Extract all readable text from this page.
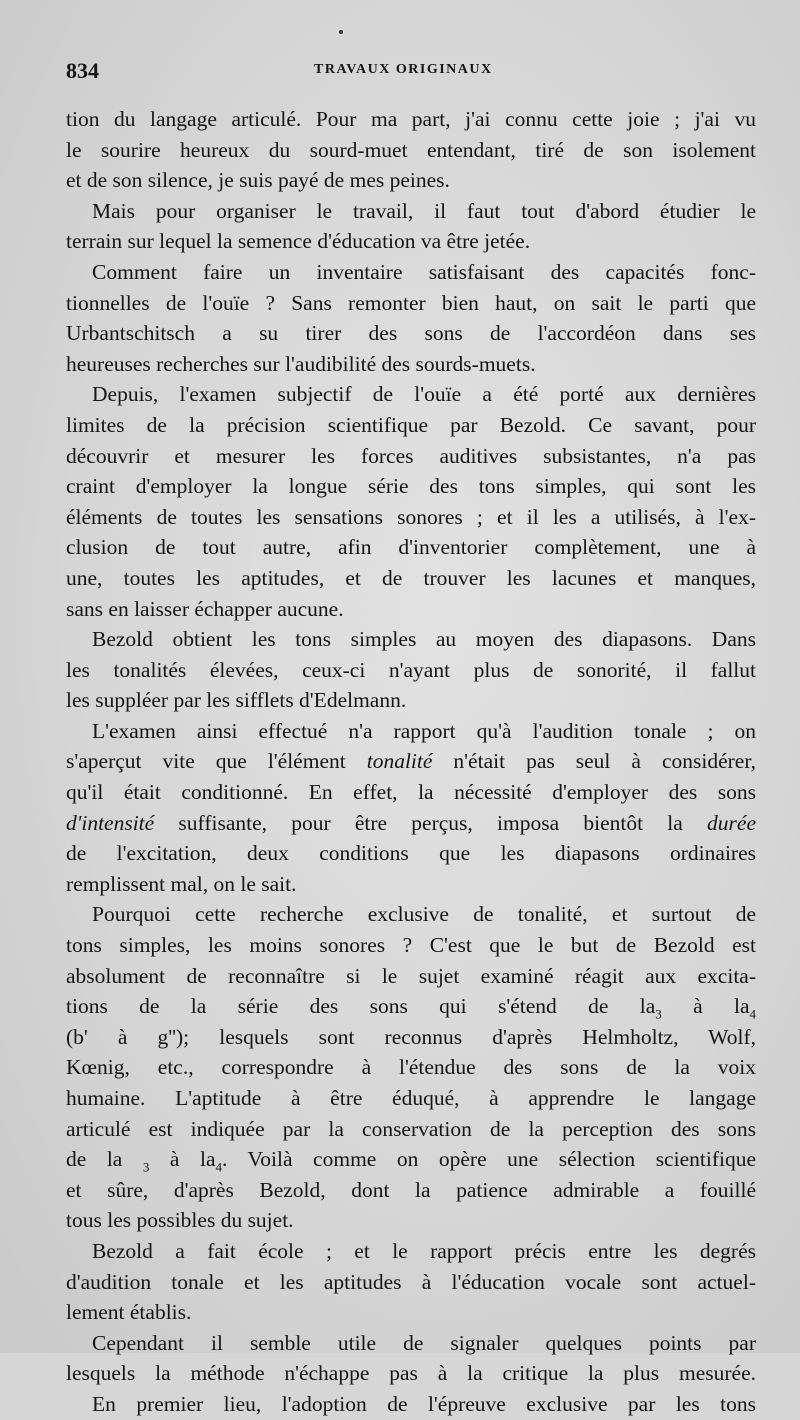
834	TRAVAUX ORIGINAUX
tion du langage articulé. Pour ma part, j'ai connu cette joie ; j'ai vu
le sourire heureux du sourd-muet entendant, tiré de son isolement
et de son silence, je suis payé de mes peines.
Mais pour organiser le travail, il faut tout d'abord étudier le
terrain sur lequel la semence d'éducation va être jetée.
Comment faire un inventaire satisfaisant des capacités fonc-
tionnelles de l'ouïe ? Sans remonter bien haut, on sait le parti que
Urbantschitsch a su tirer des sons de l'accordéon dans ses
heureuses recherches sur l'audibilité des sourds-muets.
Depuis, l'examen subjectif de l'ouïe a été porté aux dernières
limites de la précision scientifique par Bezold. Ce savant, pour
découvrir et mesurer les forces auditives subsistantes, n'a pas
craint d'employer la longue série des tons simples, qui sont les
éléments de toutes les sensations sonores ; et il les a utilisés, à l'ex-
clusion de tout autre, afin d'inventorier complètement, une à
une, toutes les aptitudes, et de trouver les lacunes et manques,
sans en laisser échapper aucune.
Bezold obtient les tons simples au moyen des diapasons. Dans
les tonalités élevées, ceux-ci n'ayant plus de sonorité, il fallut
les suppléer par les sifflets d'Edelmann.
L'examen ainsi effectué n'a rapport qu'à l'audition tonale ; on
s'aperçut vite que l'élément tonalité n'était pas seul à considérer,
qu'il était conditionné. En effet, la nécessité d'employer des sons
d'intensité suffisante, pour être perçus, imposa bientôt la durée
de l'excitation, deux conditions que les diapasons ordinaires
remplissent mal, on le sait.
Pourquoi cette recherche exclusive de tonalité, et surtout de
tons simples, les moins sonores ? C'est que le but de Bezold est
absolument de reconnaître si le sujet examiné réagit aux excita-
tions de la série des sons qui s'étend de $la_3$ à $la_4$
(b' à g''); lesquels sont reconnus d'après Helmholtz, Wolf,
Kœnig, etc., correspondre à l'étendue des sons de la voix
humaine. L'aptitude à être éduqué, à apprendre le langage
articulé est indiquée par la conservation de la perception des sons
de la $_3$ à $la_4$. Voilà comme on opère une sélection scientifique
et sûre, d'après Bezold, dont la patience admirable a fouillé
tous les possibles du sujet.
Bezold a fait école ; et le rapport précis entre les degrés
d'audition tonale et les aptitudes à l'éducation vocale sont actuel-
lement établis.
Cependant il semble utile de signaler quelques points par
lesquels la méthode n'échappe pas à la critique la plus mesurée.
En premier lieu, l'adoption de l'épreuve exclusive par les tons
